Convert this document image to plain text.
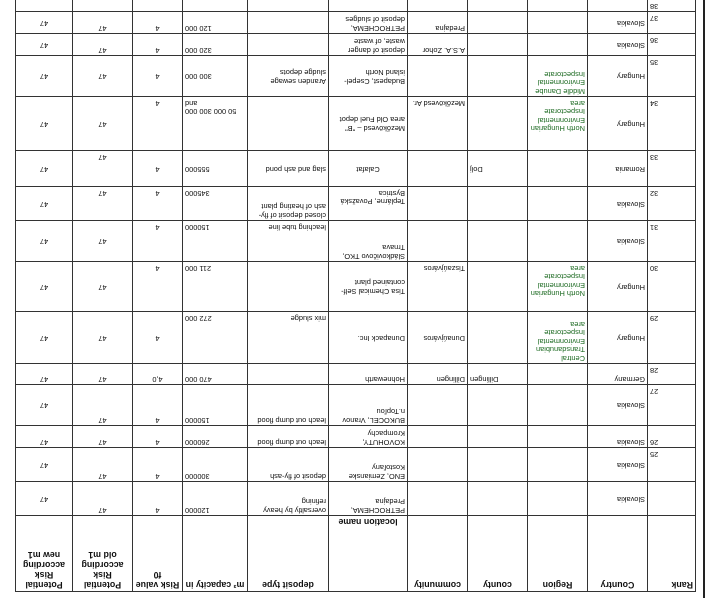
Rank	Country	Region	county	community	location name	deposit type	m³ capacity in	Risk value f0	Potential Risk according old m1	Potential Risk according new m1
	Slovakia				PETROCHEMA, Predajna	oversaltly by heavy refining	120000	4	47	47
25	Slovakia				ENO, Zemianske Kostoľany	deposit of fly-ash	300000	4	47	47
26	Slovakia				KOVOHUTY, Krompachy	leach out dump flood	260000	4	47	47
27	Slovakia				BUKOCEL, Vranov n.Topľou	leach out dump flood	150000	4	47	47
28	Germany		Dillingen	Dillingen	Hohnewarth		470 000	4,0	47	47
29	Hungary	Central Transdanubian Environmental Inspectorate area		Dunaújváros	Dunapack Inc.	mix sludge	272 000	4	47	47
30	Hungary	North Hungarian Environmental Inspectorate area		Tiszaújváros	Tisa Chemical Self-contained plant		211 000	4	47	47
31	Slovakia				Sládkovičovo TKO, Trnava	leaching tube line	150000	4	47	47
32	Slovakia				Teplárne, Považská Bystrica	closed deposit of fly-ash of heating plant	345000	4	47	47
33	Romania		Dolj		Calafat	slag and ash pond	555000	4	47	47
34	Hungary	North Hungarian Environmental Inspectorate area		Mezőkövesd Ar.	Mezőkövesd – "B" area Old Fuel depot		50 000 300 000 and	4	47	47
35	Hungary	Middle Danube Environmental Inspectorate			Budapest, Csepel-island North	Aranden sewage sludge depots	300 000	4	47	47
36	Slovakia			A.S.A. Zohor	deposit of danger waste, of waste		320 000	4	47	47
37	Slovakia			Predajna	PETROCHEMA, deposit of sludges		120 000	4	47	47
38										
